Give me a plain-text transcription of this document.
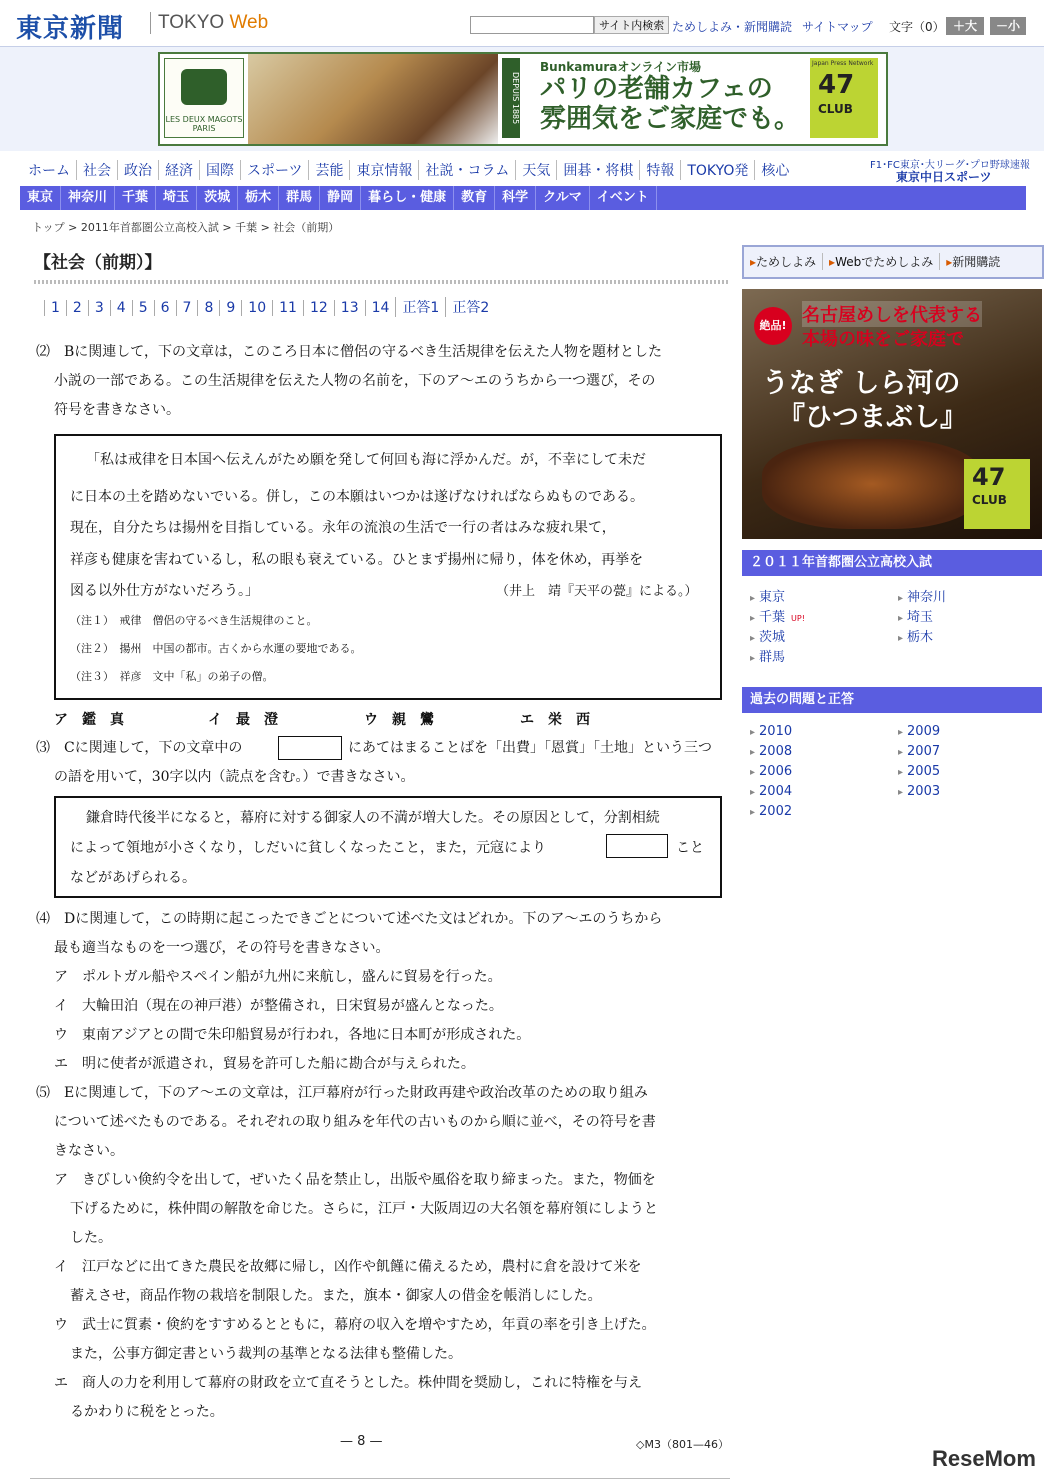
東京新聞 TOKYO Web	サイト内検索 ためしよみ・新聞購読 サイトマップ 文字（0） ＋大	－小
LES DEUX MAGOTS PARIS
DEPUIS 1885
Bunkamuraオンライン市場
パリの老舗カフェの
雰囲気をご家庭でも。
Japan Press Network
47
CLUB
ホーム 社会 政治 経済 国際 スポーツ 芸能 東京情報 社説・コラム 天気 囲碁・将棋 特報 TOKYO発 核心	F1･FC東京･大リーグ･プロ野球速報
東京中日スポーツ
東京 神奈川 千葉 埼玉 茨城 栃木 群馬 静岡 暮らし・健康 教育 科学 クルマ イベント
トップ > 2011年首都圏公立高校入試 > 千葉 > 社会（前期）
【社会（前期）】
1 2 3 4 5 6 7 8 9 10 11 12 13 14 正答1 正答2
⑵　Bに関連して，下の文章は，このころ日本に僧侶の守るべき生活規律を伝えた人物を題材とした
小説の一部である。この生活規律を伝えた人物の名前を，下のア～エのうちから一つ選び，その
符号を書きなさい。
「私は戒律を日本国へ伝えんがため願を発して何回も海に浮かんだ。が，不幸にして未だ
に日本の土を踏めないでいる。併し，この本願はいつかは遂げなければならぬものである。
現在，自分たちは揚州を目指している。永年の流浪の生活で一行の者はみな疲れ果て，
祥彦も健康を害ねているし，私の眼も衰えている。ひとまず揚州に帰り，体を休め，再挙を
図る以外仕方がないだろう。」	（井上　靖『天平の甍』による。）
（注１）　戒律　僧侶の守るべき生活規律のこと。
（注２）　揚州　中国の都市。古くから水運の要地である。
（注３）　祥彦　文中「私」の弟子の僧。
ア　鑑　真	イ　最　澄	ウ　親　鸞	エ　栄　西
⑶　Cに関連して，下の文章中の	にあてはまることばを「出費」「恩賞」「土地」という三つ
の語を用いて，30字以内（読点を含む。）で書きなさい。
鎌倉時代後半になると，幕府に対する御家人の不満が増大した。その原因として，分割相続
によって領地が小さくなり，しだいに貧しくなったこと，また，元寇により	こと
などがあげられる。
⑷　Dに関連して，この時期に起こったできごとについて述べた文はどれか。下のア～エのうちから
最も適当なものを一つ選び，その符号を書きなさい。
ア　ポルトガル船やスペイン船が九州に来航し，盛んに貿易を行った。
イ　大輪田泊（現在の神戸港）が整備され，日宋貿易が盛んとなった。
ウ　東南アジアとの間で朱印船貿易が行われ，各地に日本町が形成された。
エ　明に使者が派遣され，貿易を許可した船に勘合が与えられた。
⑸　Eに関連して，下のア～エの文章は，江戸幕府が行った財政再建や政治改革のための取り組み
について述べたものである。それぞれの取り組みを年代の古いものから順に並べ，その符号を書
きなさい。
ア　きびしい倹約令を出して，ぜいたく品を禁止し，出版や風俗を取り締まった。また，物価を
下げるために，株仲間の解散を命じた。さらに，江戸・大阪周辺の大名領を幕府領にしようと
した。
イ　江戸などに出てきた農民を故郷に帰し，凶作や飢饉に備えるため，農村に倉を設けて米を
蓄えさせ，商品作物の栽培を制限した。また，旗本・御家人の借金を帳消しにした。
ウ　武士に質素・倹約をすすめるとともに，幕府の収入を増やすため，年貢の率を引き上げた。
また，公事方御定書という裁判の基準となる法律も整備した。
エ　商人の力を利用して幕府の財政を立て直そうとした。株仲間を奨励し，これに特権を与え
るかわりに税をとった。
— 8 —	◇M3（801—46）
ReseMom
▸ためしよみ ▸Webでためしよみ ▸新聞購読
絶品! 名古屋めしを代表する
本場の味をご家庭で
うなぎ しら河の
『ひつまぶし』
47
CLUB
２０１１年首都圏公立高校入試
▸ 東京	▸ 神奈川
▸ 千葉 UP!	▸ 埼玉
▸ 茨城	▸ 栃木
▸ 群馬
過去の問題と正答
▸ 2010	▸ 2009
▸ 2008	▸ 2007
▸ 2006	▸ 2005
▸ 2004	▸ 2003
▸ 2002
